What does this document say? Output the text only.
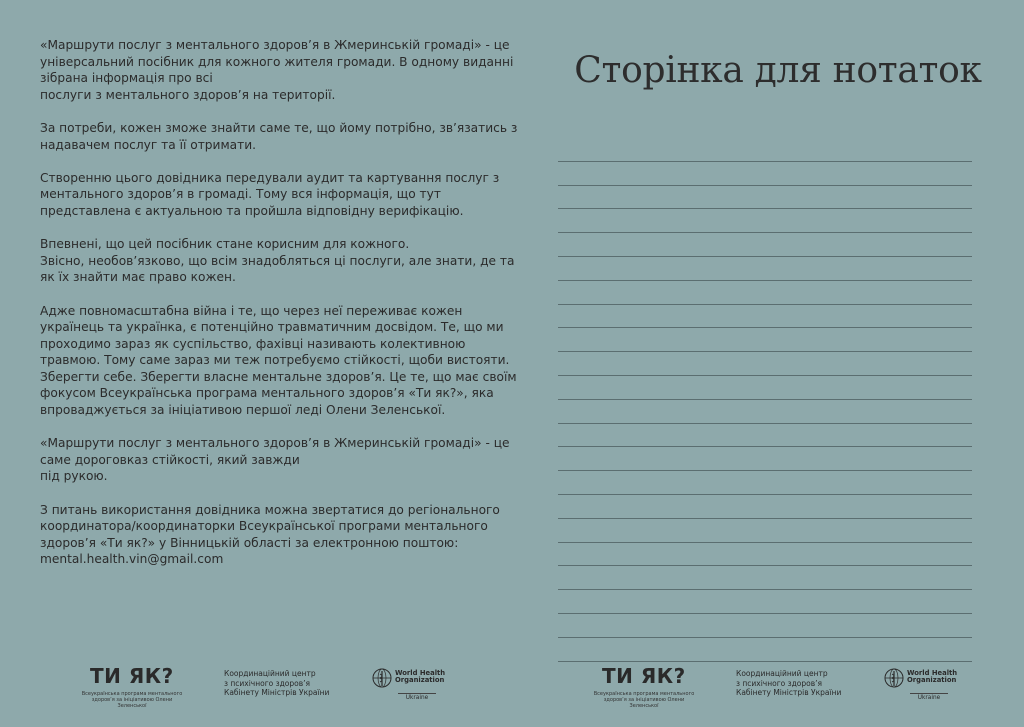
«Маршрути послуг з ментального здоров’я в Жмеринській громаді» - це
універсальний посібник для кожного жителя громади. В одному виданні
зібрана інформація про всі
послуги з ментального здоров’я на території.
За потреби, кожен зможе знайти саме те, що йому потрібно, зв’язатись з
надавачем послуг та її отримати.
Створенню цього довідника передували аудит та картування послуг з
ментального здоров’я в громаді. Тому вся інформація, що тут
представлена є актуальною та пройшла відповідну верифікацію.
Впевнені, що цей посібник стане корисним для кожного.
Звісно, необов’язково, що всім знадобляться ці послуги, але знати, де та
як їх знайти має право кожен.
Адже повномасштабна війна і те, що через неї переживає кожен
українець та українка, є потенційно травматичним досвідом. Те, що ми
проходимо зараз як суспільство, фахівці називають колективною
травмою. Тому саме зараз ми теж потребуємо стійкості, щоби вистояти.
Зберегти себе. Зберегти власне ментальне здоров’я. Це те, що має своїм
фокусом Всеукраїнська програма ментального здоров’я «Ти як?», яка
впроваджується за ініціативою першої леді Олени Зеленської.
«Маршрути послуг з ментального здоров’я в Жмеринській громаді» - це
саме дороговказ стійкості, який завжди
під рукою.
З питань використання довідника можна звертатися до регіонального
координатора/координаторки Всеукраїнської програми ментального
здоров’я «Ти як?» у Вінницькій області за електронною поштою:
mental.health.vin@gmail.com
ТИ ЯК?
Всеукраїнська програма ментального здоров’я за ініціативою Олени Зеленської
Координаційний центр
з психічного здоров’я
Кабінету Міністрів України
World Health
Organization
Ukraine
Сторінка для нотаток
ТИ ЯК?
Всеукраїнська програма ментального здоров’я за ініціативою Олени Зеленської
Координаційний центр
з психічного здоров’я
Кабінету Міністрів України
World Health
Organization
Ukraine
